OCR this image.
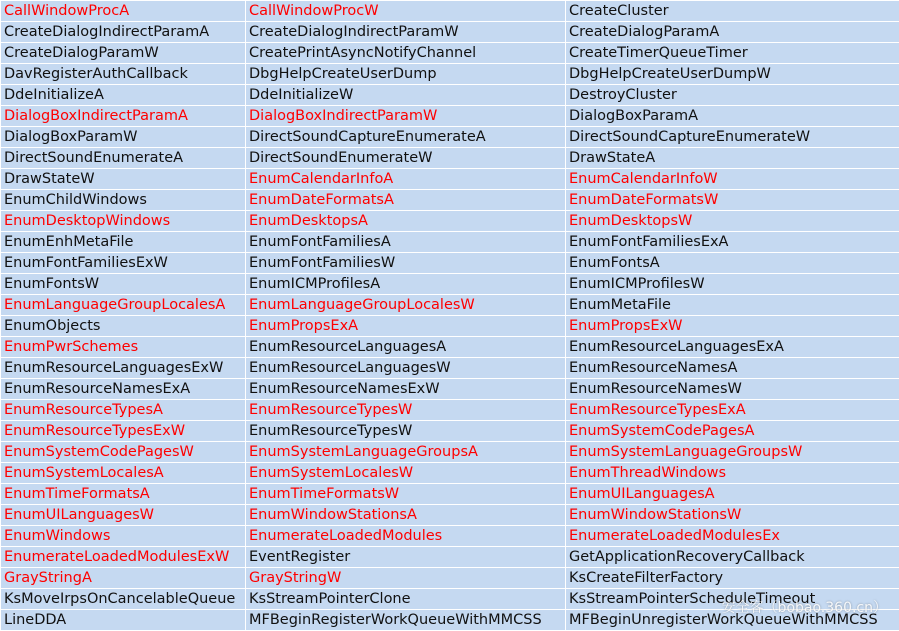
CallWindowProcA	CallWindowProcW	CreateCluster
CreateDialogIndirectParamA	CreateDialogIndirectParamW	CreateDialogParamA
CreateDialogParamW	CreatePrintAsyncNotifyChannel	CreateTimerQueueTimer
DavRegisterAuthCallback	DbgHelpCreateUserDump	DbgHelpCreateUserDumpW
DdeInitializeA	DdeInitializeW	DestroyCluster
DialogBoxIndirectParamA	DialogBoxIndirectParamW	DialogBoxParamA
DialogBoxParamW	DirectSoundCaptureEnumerateA	DirectSoundCaptureEnumerateW
DirectSoundEnumerateA	DirectSoundEnumerateW	DrawStateA
DrawStateW	EnumCalendarInfoA	EnumCalendarInfoW
EnumChildWindows	EnumDateFormatsA	EnumDateFormatsW
EnumDesktopWindows	EnumDesktopsA	EnumDesktopsW
EnumEnhMetaFile	EnumFontFamiliesA	EnumFontFamiliesExA
EnumFontFamiliesExW	EnumFontFamiliesW	EnumFontsA
EnumFontsW	EnumICMProfilesA	EnumICMProfilesW
EnumLanguageGroupLocalesA	EnumLanguageGroupLocalesW	EnumMetaFile
EnumObjects	EnumPropsExA	EnumPropsExW
EnumPwrSchemes	EnumResourceLanguagesA	EnumResourceLanguagesExA
EnumResourceLanguagesExW	EnumResourceLanguagesW	EnumResourceNamesA
EnumResourceNamesExA	EnumResourceNamesExW	EnumResourceNamesW
EnumResourceTypesA	EnumResourceTypesW	EnumResourceTypesExA
EnumResourceTypesExW	EnumResourceTypesW	EnumSystemCodePagesA
EnumSystemCodePagesW	EnumSystemLanguageGroupsA	EnumSystemLanguageGroupsW
EnumSystemLocalesA	EnumSystemLocalesW	EnumThreadWindows
EnumTimeFormatsA	EnumTimeFormatsW	EnumUILanguagesA
EnumUILanguagesW	EnumWindowStationsA	EnumWindowStationsW
EnumWindows	EnumerateLoadedModules	EnumerateLoadedModulesEx
EnumerateLoadedModulesExW	EventRegister	GetApplicationRecoveryCallback
GrayStringA	GrayStringW	KsCreateFilterFactory
KsMoveIrpsOnCancelableQueue	KsStreamPointerClone	KsStreamPointerScheduleTimeout
LineDDA	MFBeginRegisterWorkQueueWithMMCSS	MFBeginUnregisterWorkQueueWithMMCSS
安全客（bobao.360.cn）
